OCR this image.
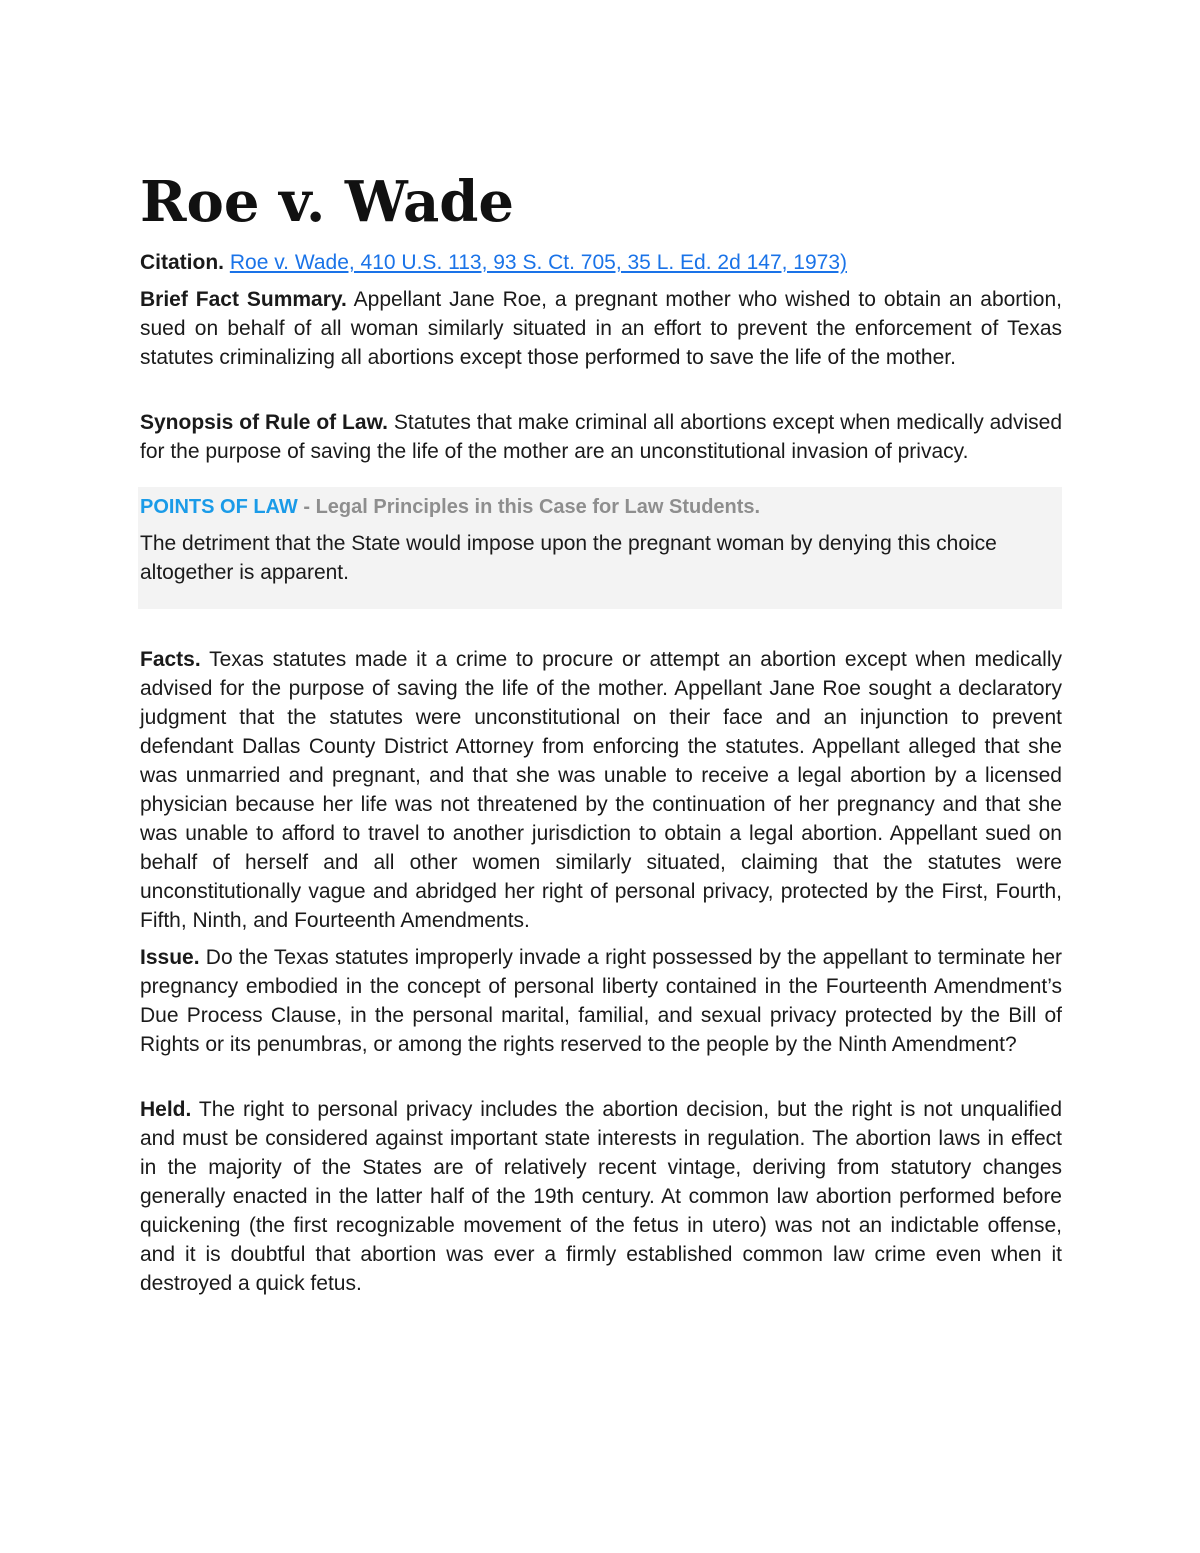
Roe v. Wade

Citation. Roe v. Wade, 410 U.S. 113, 93 S. Ct. 705, 35 L. Ed. 2d 147, 1973)

Brief Fact Summary. Appellant Jane Roe, a pregnant mother who wished to obtain an abortion, sued on behalf of all woman similarly situated in an effort to prevent the enforcement of Texas statutes criminalizing all abortions except those performed to save the life of the mother.

Synopsis of Rule of Law. Statutes that make criminal all abortions except when medically advised for the purpose of saving the life of the mother are an unconstitutional invasion of privacy.

POINTS OF LAW - Legal Principles in this Case for Law Students.

The detriment that the State would impose upon the pregnant woman by denying this choice altogether is apparent.

Facts. Texas statutes made it a crime to procure or attempt an abortion except when medically advised for the purpose of saving the life of the mother. Appellant Jane Roe sought a declaratory judgment that the statutes were unconstitutional on their face and an injunction to prevent defendant Dallas County District Attorney from enforcing the statutes. Appellant alleged that she was unmarried and pregnant, and that she was unable to receive a legal abortion by a licensed physician because her life was not threatened by the continuation of her pregnancy and that she was unable to afford to travel to another jurisdiction to obtain a legal abortion. Appellant sued on behalf of herself and all other women similarly situated, claiming that the statutes were unconstitutionally vague and abridged her right of personal privacy, protected by the First, Fourth, Fifth, Ninth, and Fourteenth Amendments.

Issue. Do the Texas statutes improperly invade a right possessed by the appellant to terminate her pregnancy embodied in the concept of personal liberty contained in the Fourteenth Amendment’s Due Process Clause, in the personal marital, familial, and sexual privacy protected by the Bill of Rights or its penumbras, or among the rights reserved to the people by the Ninth Amendment?

Held. The right to personal privacy includes the abortion decision, but the right is not unqualified and must be considered against important state interests in regulation. The abortion laws in effect in the majority of the States are of relatively recent vintage, deriving from statutory changes generally enacted in the latter half of the 19th century. At common law abortion performed before quickening (the first recognizable movement of the fetus in utero) was not an indictable offense, and it is doubtful that abortion was ever a firmly established common law crime even when it destroyed a quick fetus.
